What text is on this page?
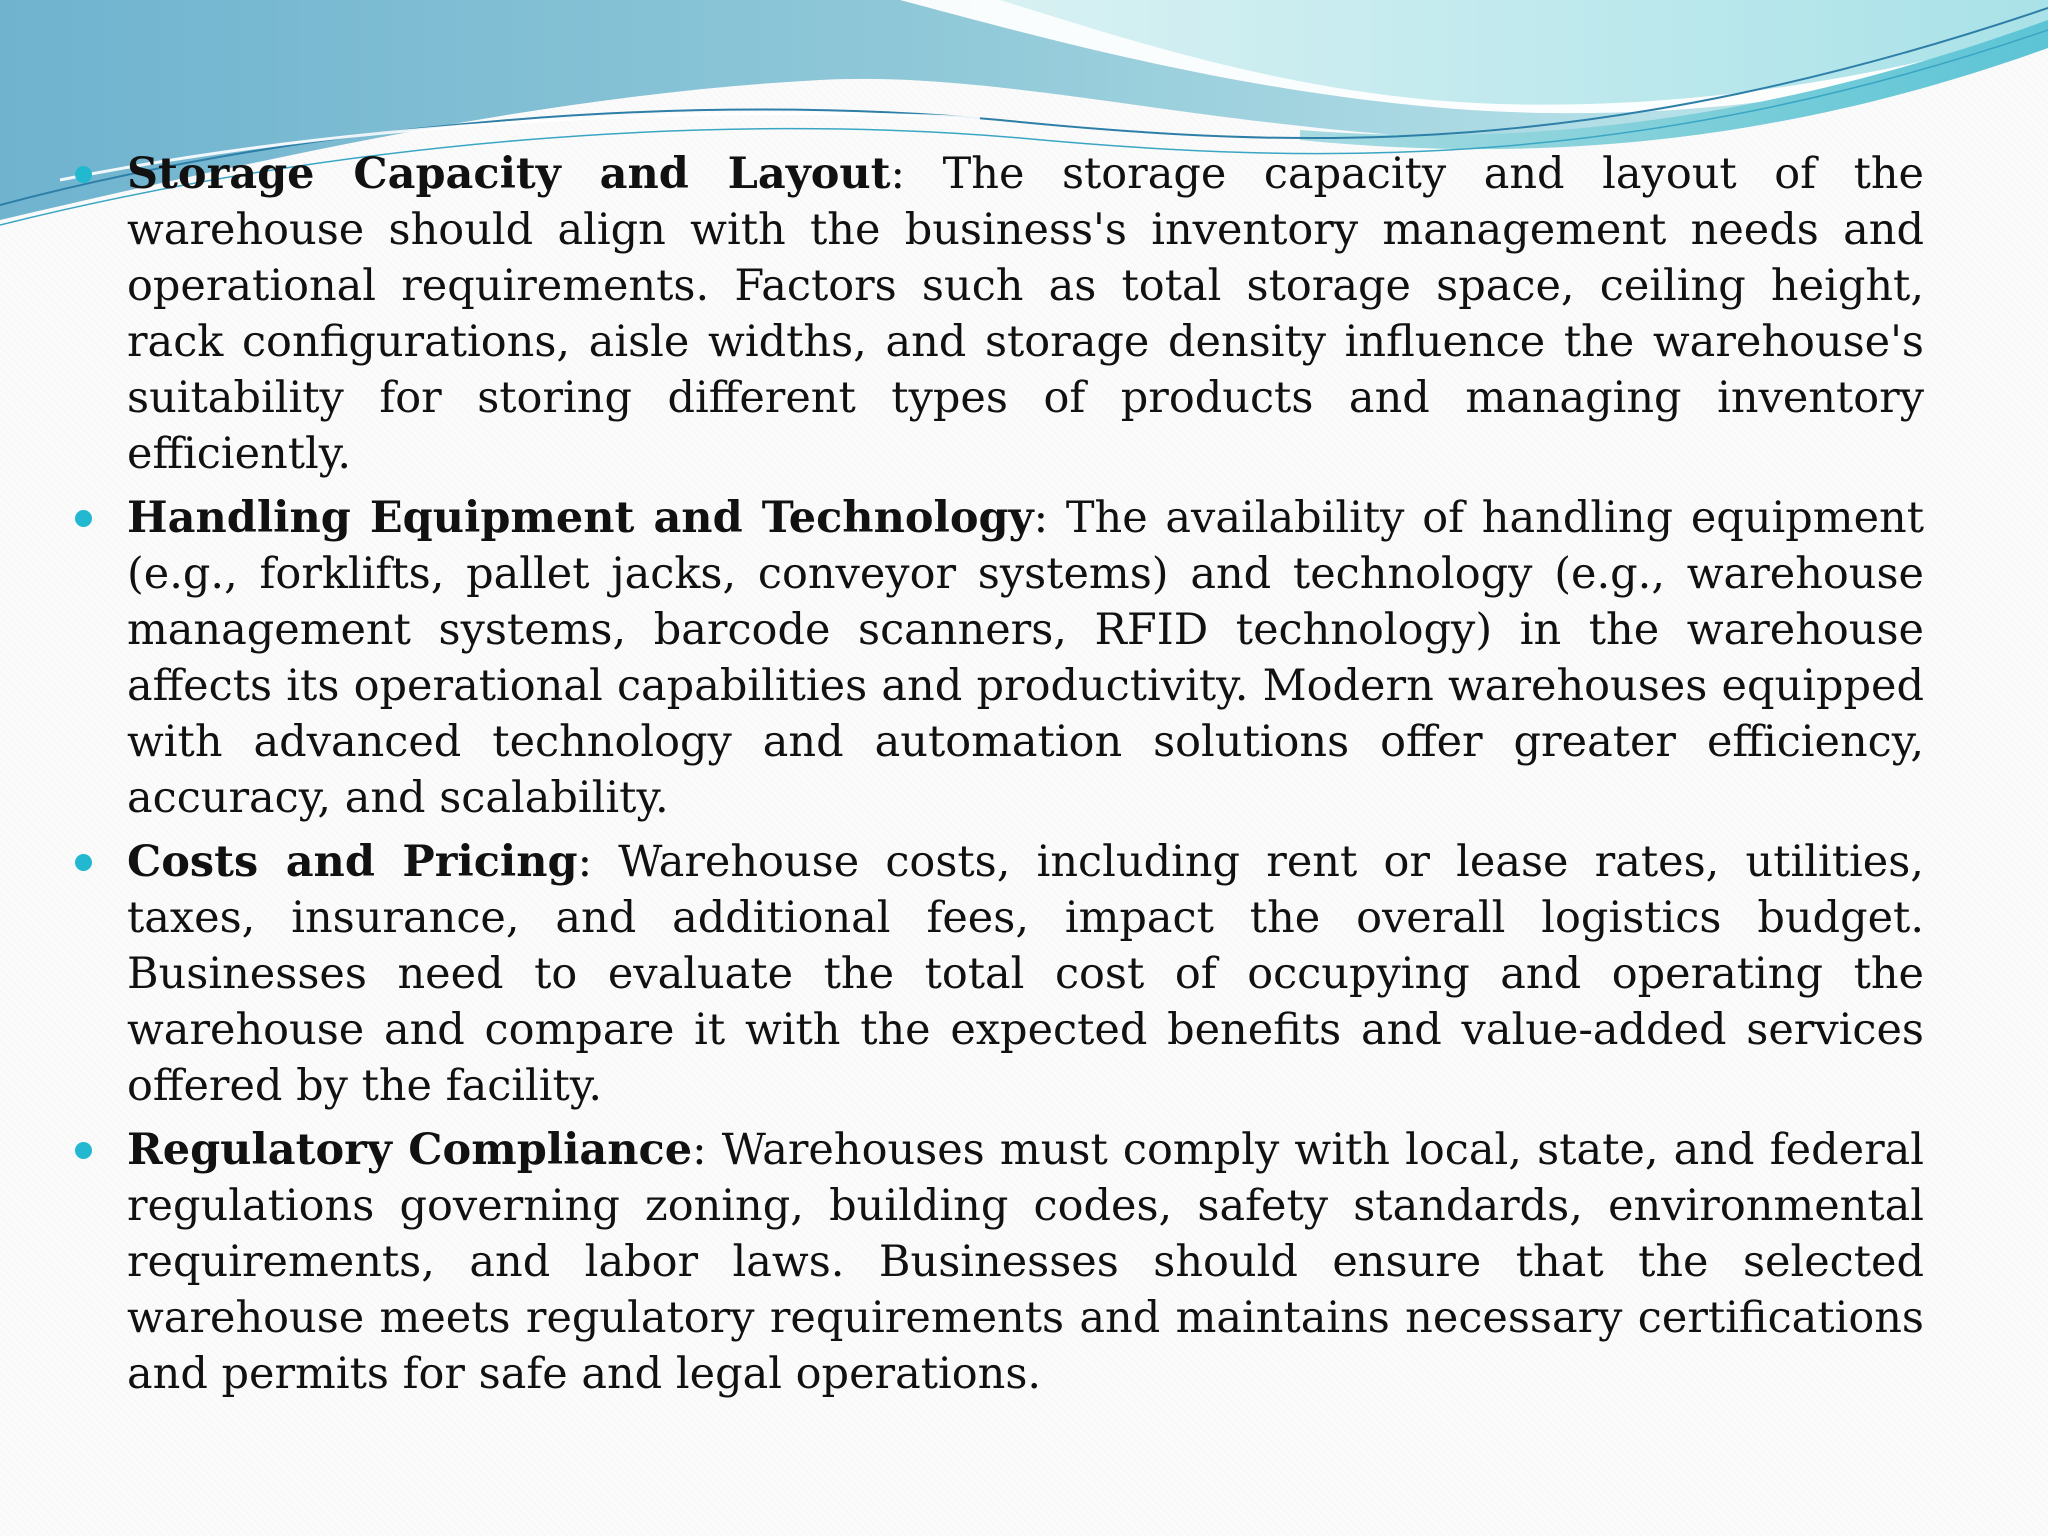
Storage Capacity and Layout: The storage capacity and layout of the warehouse should align with the business's inventory management needs and operational requirements. Factors such as total storage space, ceiling height, rack configurations, aisle widths, and storage density influence the warehouse's suitability for storing different types of products and managing inventory efficiently.
Handling Equipment and Technology: The availability of handling equipment (e.g., forklifts, pallet jacks, conveyor systems) and technology (e.g., warehouse management systems, barcode scanners, RFID technology) in the warehouse affects its operational capabilities and productivity. Modern warehouses equipped with advanced technology and automation solutions offer greater efficiency, accuracy, and scalability.
Costs and Pricing: Warehouse costs, including rent or lease rates, utilities, taxes, insurance, and additional fees, impact the overall logistics budget. Businesses need to evaluate the total cost of occupying and operating the warehouse and compare it with the expected benefits and value-added services offered by the facility.
Regulatory Compliance: Warehouses must comply with local, state, and federal regulations governing zoning, building codes, safety standards, environmental requirements, and labor laws. Businesses should ensure that the selected warehouse meets regulatory requirements and maintains necessary certifications and permits for safe and legal operations.
